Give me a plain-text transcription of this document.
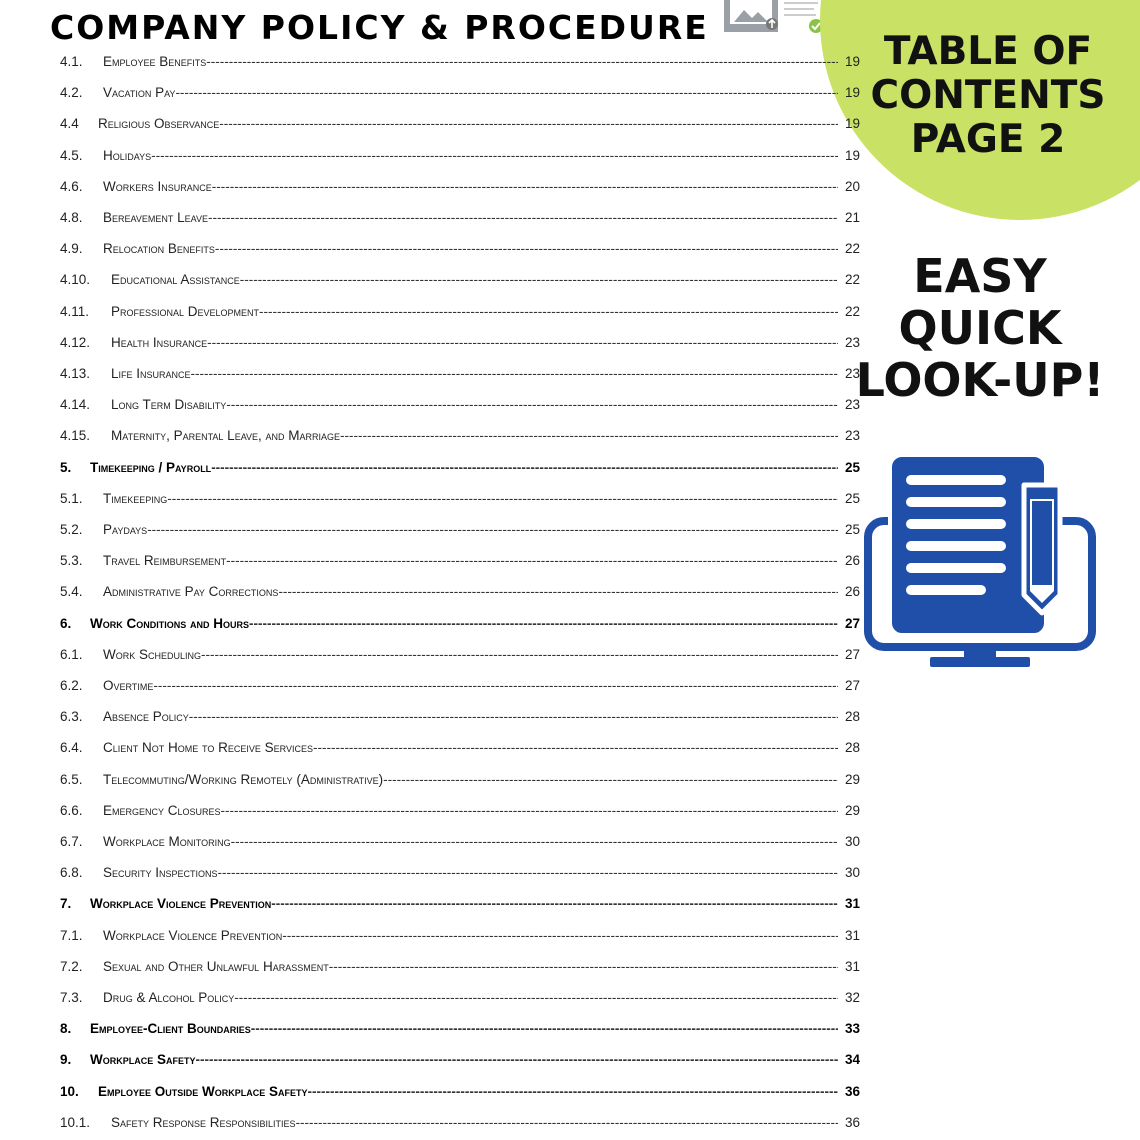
COMPANY POLICY & PROCEDURE
TABLE OF
CONTENTS
PAGE 2
EASY
QUICK
LOOK-UP!
4.1. Employee Benefits -----	19
4.2. Vacation Pay -----	19
4.4 Religious Observance -----	19
4.5. Holidays -----	19
4.6. Workers Insurance -----	20
4.8. Bereavement Leave -----	21
4.9. Relocation Benefits -----	22
4.10. Educational Assistance -----	22
4.11. Professional Development -----	22
4.12. Health Insurance -----	23
4.13. Life Insurance -----	23
4.14. Long Term Disability -----	23
4.15. Maternity, Parental Leave, and Marriage -----	23
5. Timekeeping / Payroll -----	25
5.1. Timekeeping -----	25
5.2. Paydays -----	25
5.3. Travel Reimbursement -----	26
5.4. Administrative Pay Corrections -----	26
6. Work Conditions and Hours -----	27
6.1. Work Scheduling -----	27
6.2. Overtime -----	27
6.3. Absence Policy -----	28
6.4. Client Not Home to Receive Services -----	28
6.5. Telecommuting/Working Remotely (Administrative) -----	29
6.6. Emergency Closures -----	29
6.7. Workplace Monitoring -----	30
6.8. Security Inspections -----	30
7. Workplace Violence Prevention -----	31
7.1. Workplace Violence Prevention -----	31
7.2. Sexual and Other Unlawful Harassment -----	31
7.3. Drug & Alcohol Policy -----	32
8. Employee-Client Boundaries -----	33
9. Workplace Safety -----	34
10. Employee Outside Workplace Safety -----	36
10.1. Safety Response Responsibilities -----	36
